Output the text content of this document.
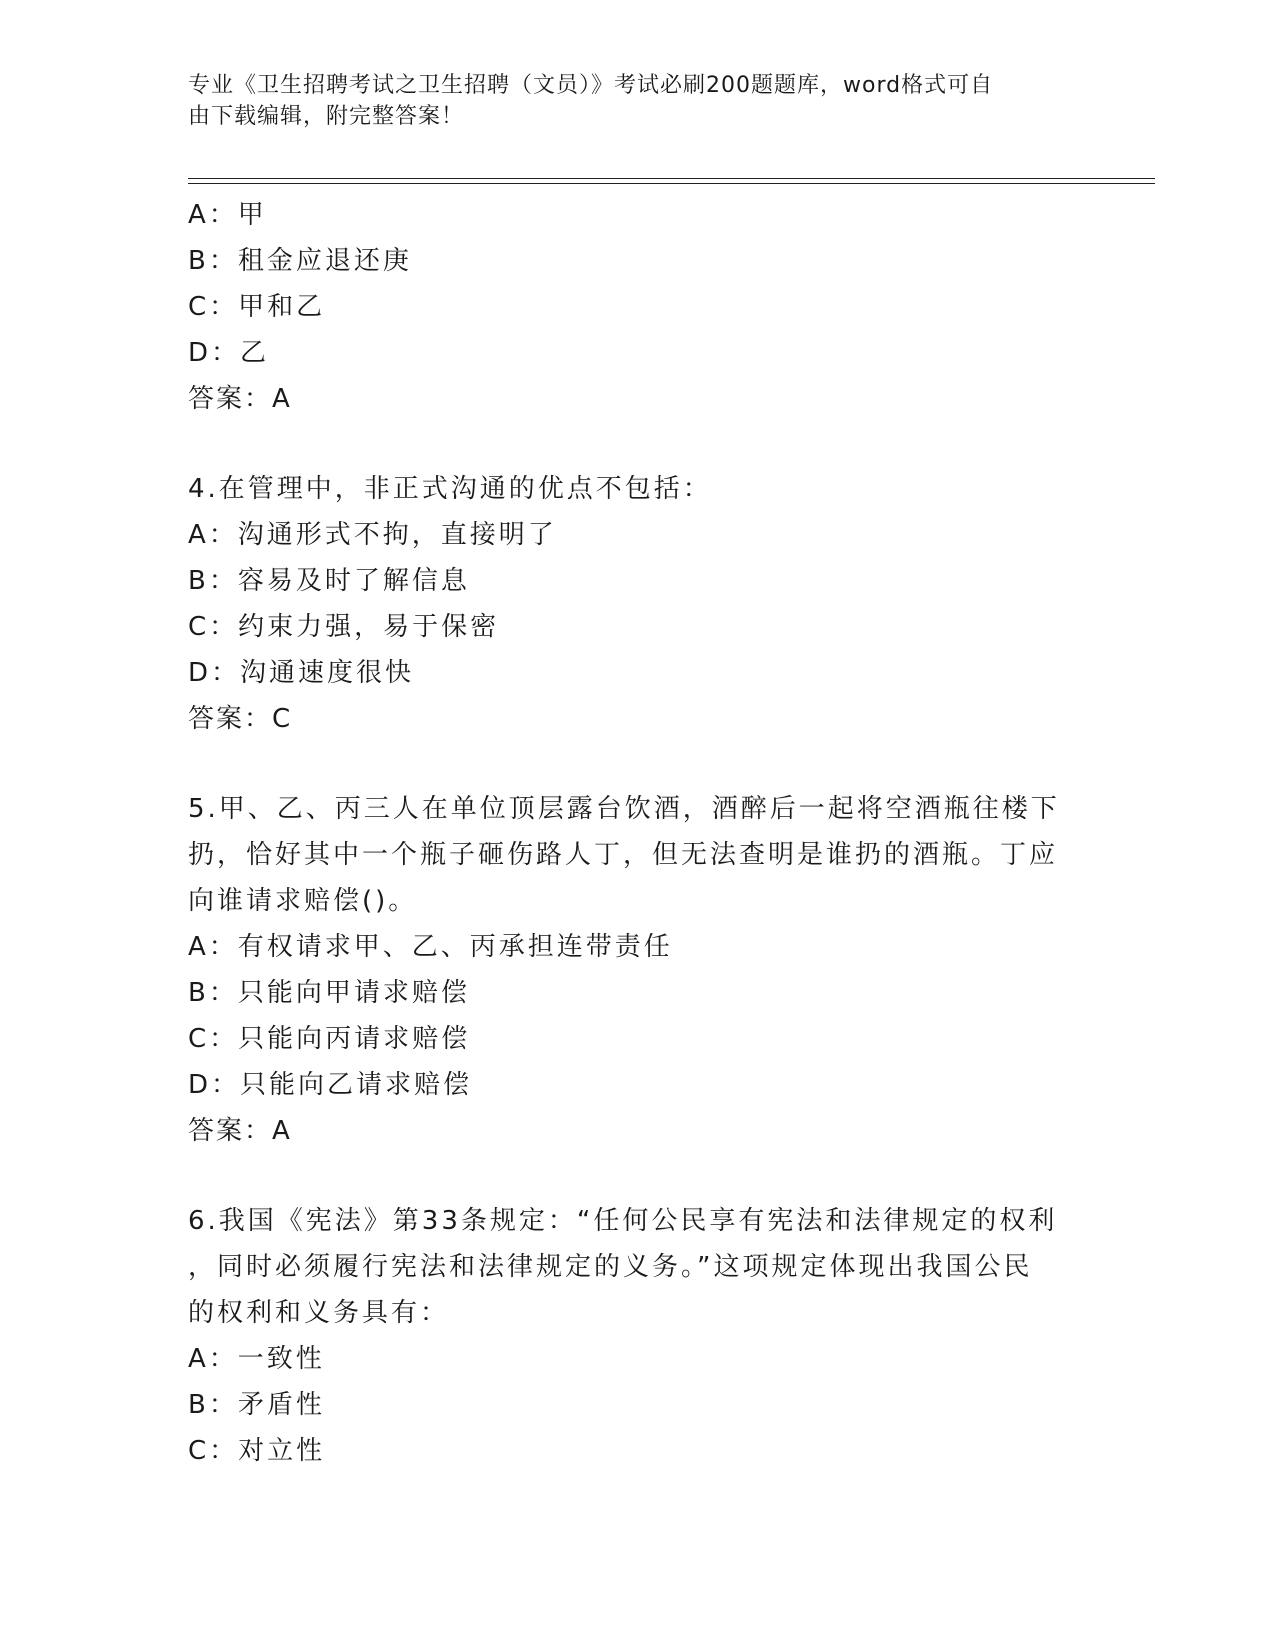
专业《卫生招聘考试之卫生招聘（文员）》考试必刷200题题库，word格式可自
由下载编辑，附完整答案！
A：甲
B：租金应退还庚
C：甲和乙
D：乙
答案：A
4.在管理中，非正式沟通的优点不包括：
A：沟通形式不拘，直接明了
B：容易及时了解信息
C：约束力强，易于保密
D：沟通速度很快
答案：C
5.甲、乙、丙三人在单位顶层露台饮酒，酒醉后一起将空酒瓶往楼下
扔，恰好其中一个瓶子砸伤路人丁，但无法查明是谁扔的酒瓶。丁应
向谁请求赔偿()。
A：有权请求甲、乙、丙承担连带责任
B：只能向甲请求赔偿
C：只能向丙请求赔偿
D：只能向乙请求赔偿
答案：A
6.我国《宪法》第33条规定：“任何公民享有宪法和法律规定的权利
，同时必须履行宪法和法律规定的义务。”这项规定体现出我国公民
的权利和义务具有：
A：一致性
B：矛盾性
C：对立性
